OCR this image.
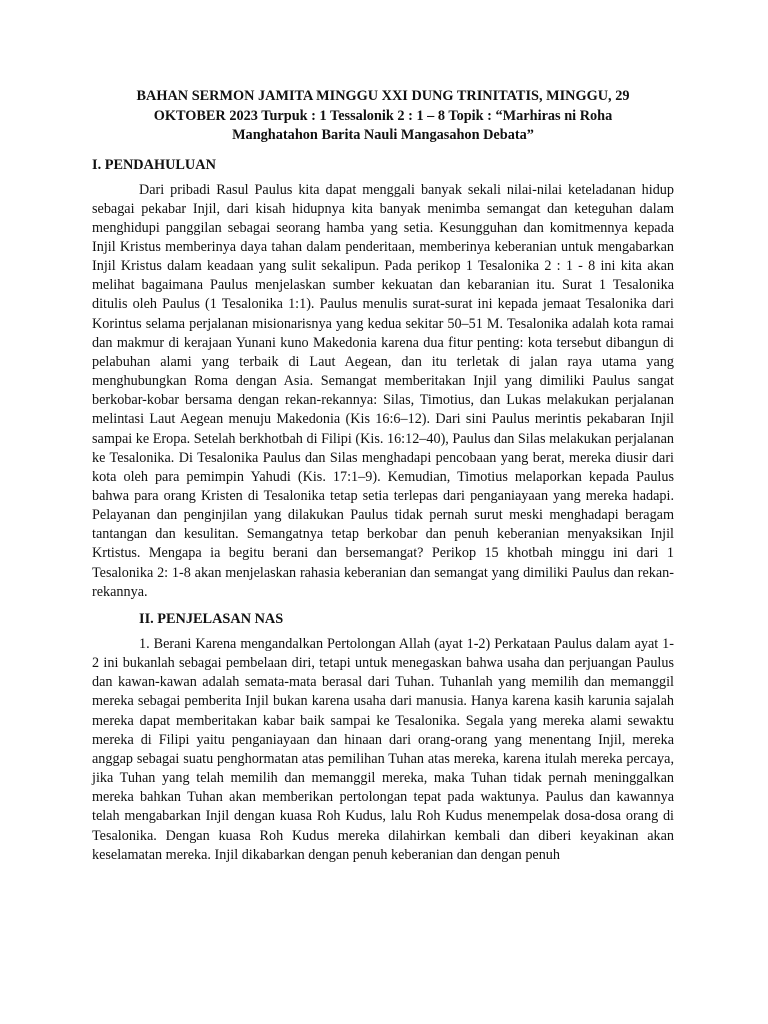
BAHAN SERMON JAMITA MINGGU XXI DUNG TRINITATIS, MINGGU, 29 OKTOBER 2023 Turpuk : 1 Tessalonik 2 : 1 – 8 Topik : “Marhiras ni Roha Manghatahon Barita Nauli Mangasahon Debata”
I. PENDAHULUAN

Dari pribadi Rasul Paulus kita dapat menggali banyak sekali nilai-nilai keteladanan hidup sebagai pekabar Injil, dari kisah hidupnya kita banyak menimba semangat dan keteguhan dalam menghidupi panggilan sebagai seorang hamba yang setia. Kesungguhan dan komitmennya kepada Injil Kristus memberinya daya tahan dalam penderitaan, memberinya keberanian untuk mengabarkan Injil Kristus dalam keadaan yang sulit sekalipun. Pada perikop 1 Tesalonika 2 : 1 - 8 ini kita akan melihat bagaimana Paulus menjelaskan sumber kekuatan dan kebaranian itu. Surat 1 Tesalonika ditulis oleh Paulus (1 Tesalonika 1:1). Paulus menulis surat-surat ini kepada jemaat Tesalonika dari Korintus selama perjalanan misionarisnya yang kedua sekitar 50–51 M. Tesalonika adalah kota ramai dan makmur di kerajaan Yunani kuno Makedonia karena dua fitur penting: kota tersebut dibangun di pelabuhan alami yang terbaik di Laut Aegean, dan itu terletak di jalan raya utama yang menghubungkan Roma dengan Asia. Semangat memberitakan Injil yang dimiliki Paulus sangat berkobar-kobar bersama dengan rekan-rekannya: Silas, Timotius, dan Lukas melakukan perjalanan melintasi Laut Aegean menuju Makedonia (Kis 16:6–12). Dari sini Paulus merintis pekabaran Injil sampai ke Eropa. Setelah berkhotbah di Filipi (Kis. 16:12–40), Paulus dan Silas melakukan perjalanan ke Tesalonika. Di Tesalonika Paulus dan Silas menghadapi pencobaan yang berat, mereka diusir dari kota oleh para pemimpin Yahudi (Kis. 17:1–9). Kemudian, Timotius melaporkan kepada Paulus bahwa para orang Kristen di Tesalonika tetap setia terlepas dari penganiayaan yang mereka hadapi. Pelayanan dan penginjilan yang dilakukan Paulus tidak pernah surut meski menghadapi beragam tantangan dan kesulitan. Semangatnya tetap berkobar dan penuh keberanian menyaksikan Injil Krtistus. Mengapa ia begitu berani dan bersemangat? Perikop 15 khotbah minggu ini dari 1 Tesalonika 2: 1-8 akan menjelaskan rahasia keberanian dan semangat yang dimiliki Paulus dan rekan-rekannya.

II. PENJELASAN NAS

1. Berani Karena mengandalkan Pertolongan Allah (ayat 1-2) Perkataan Paulus dalam ayat 1-2 ini bukanlah sebagai pembelaan diri, tetapi untuk menegaskan bahwa usaha dan perjuangan Paulus dan kawan-kawan adalah semata-mata berasal dari Tuhan. Tuhanlah yang memilih dan memanggil mereka sebagai pemberita Injil bukan karena usaha dari manusia. Hanya karena kasih karunia sajalah mereka dapat memberitakan kabar baik sampai ke Tesalonika. Segala yang mereka alami sewaktu mereka di Filipi yaitu penganiayaan dan hinaan dari orang-orang yang menentang Injil, mereka anggap sebagai suatu penghormatan atas pemilihan Tuhan atas mereka, karena itulah mereka percaya, jika Tuhan yang telah memilih dan memanggil mereka, maka Tuhan tidak pernah meninggalkan mereka bahkan Tuhan akan memberikan pertolongan tepat pada waktunya. Paulus dan kawannya telah mengabarkan Injil dengan kuasa Roh Kudus, lalu Roh Kudus menempelak dosa-dosa orang di Tesalonika. Dengan kuasa Roh Kudus mereka dilahirkan kembali dan diberi keyakinan akan keselamatan mereka. Injil dikabarkan dengan penuh keberanian dan dengan penuh
